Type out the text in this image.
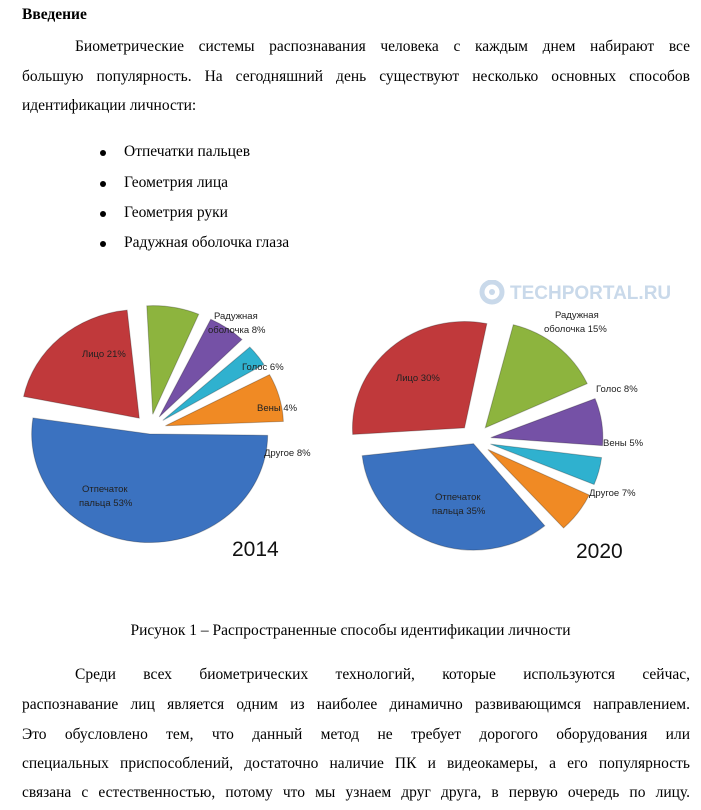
Введение
Биометрические системы распознавания человека с каждым днем набирают все
большую популярность. На сегодняшний день существуют несколько основных способов
идентификации личности:
Отпечатки пальцев
Геометрия лица
Геометрия руки
Радужная оболочка глаза
TECHPORTAL.RU
Лицо 21%
Радужная
оболочка 8%
Голос 6%
Вены 4%
Другое 8%
Отпечаток
пальца 53%
2014
Лицо 30%
Радужная
оболочка 15%
Голос 8%
Вены 5%
Другое 7%
Отпечаток
пальца 35%
2020
Рисунок 1 – Распространенные способы идентификации личности
Среди всех биометрических технологий, которые используются сейчас,
распознавание лиц является одним из наиболее динамично развивающимся направлением.
Это обусловлено тем, что данный метод не требует дорогого оборудования или
специальных приспособлений, достаточно наличие ПК и видеокамеры, а его популярность
связана с естественностью, потому что мы узнаем друг друга, в первую очередь по лицу.
